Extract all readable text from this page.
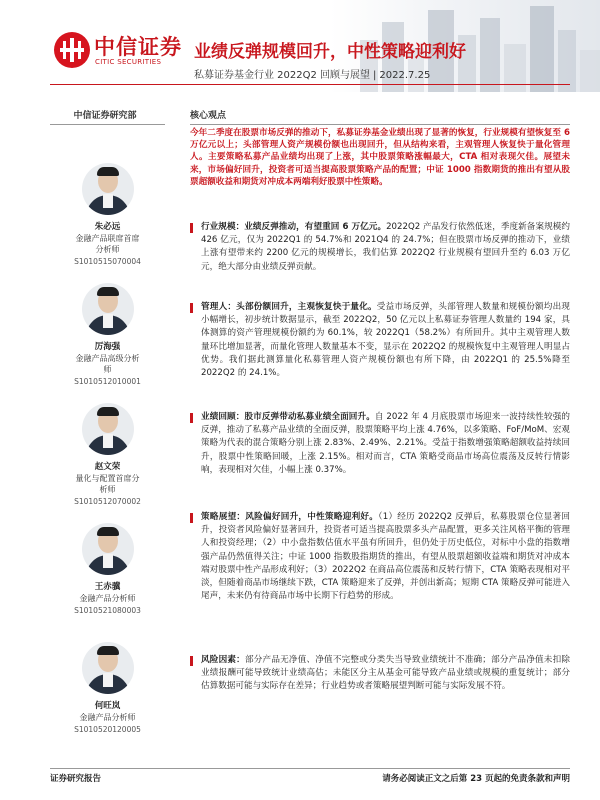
中信证券
CITIC SECURITIES 业绩反弹规模回升，中性策略迎利好
私募证券基金行业 2022Q2 回顾与展望 | 2022.7.25
中信证券研究部	核心观点
朱必远
金融产品联席首席
分析师
S1010515070004
厉海强
金融产品高级分析
师
S1010512010001
赵文荣
量化与配置首席分
析师
S1010512070002
王赤骥
金融产品分析师
S1010521080003
何旺岚
金融产品分析师
S1010520120005
今年二季度在股票市场反弹的推动下，私募证券基金业绩出现了显著的恢复，行业规模有望恢复至 6 万亿元以上；头部管理人资产规模份额也出现回升，但从结构来看，主观管理人恢复快于量化管理人。主要策略私募产品业绩均出现了上涨，其中股票策略涨幅最大，CTA 相对表现欠佳。展望未来，市场偏好回升，投资者可适当提高股票策略产品的配置；中证 1000 指数期货的推出有望从股票超额收益和期货对冲成本两端利好股票中性策略。
行业规模：业绩反弹推动，有望重回 6 万亿元。2022Q2 产品发行依然低迷，季度新备案规模约 426 亿元，仅为 2022Q1 的 54.7%和 2021Q4 的 24.7%；但在股票市场反弹的推动下，业绩上涨有望带来约 2200 亿元的规模增长，我们估算 2022Q2 行业规模有望回升至约 6.03 万亿元，绝大部分由业绩反弹贡献。
管理人：头部份额回升，主观恢复快于量化。受益市场反弹，头部管理人数量和规模份额均出现小幅增长，初步统计数据显示，截至 2022Q2，50 亿元以上私募证券管理人数量约 194 家，具体测算的资产管理规模份额约为 60.1%，较 2022Q1（58.2%）有所回升。其中主观管理人数量环比增加显著，而量化管理人数量基本不变，显示在 2022Q2 的规模恢复中主观管理人明显占优势。我们据此测算量化私募管理人资产规模份额也有所下降，由 2022Q1 的 25.5%降至 2022Q2 的 24.1%。
业绩回顾：股市反弹带动私募业绩全面回升。自 2022 年 4 月底股票市场迎来一波持续性较强的反弹，推动了私募产品业绩的全面反弹，股票策略平均上涨 4.76%，以多策略、FoF/MoM、宏观策略为代表的混合策略分别上涨 2.83%、2.49%、2.21%。受益于指数增强策略超额收益持续回升，股票中性策略回暖，上涨 2.15%。相对而言，CTA 策略受商品市场高位震荡及反转行情影响，表现相对欠佳，小幅上涨 0.37%。
策略展望：风险偏好回升，中性策略迎利好。（1）经历 2022Q2 反弹后，私募股票仓位显著回升，投资者风险偏好显著回升，投资者可适当提高股票多头产品配置，更多关注风格平衡的管理人和投资经理；（2）中小盘指数估值水平虽有所回升，但仍处于历史低位，对标中小盘的指数增强产品仍然值得关注；中证 1000 指数股指期货的推出，有望从股票超额收益端和期货对冲成本端对股票中性产品形成利好；（3）2022Q2 在商品高位震荡和反转行情下，CTA 策略表现相对平淡，但随着商品市场继续下跌，CTA 策略迎来了反弹，并创出新高；短期 CTA 策略反弹可能进入尾声，未来仍有待商品市场中长期下行趋势的形成。
风险因素：部分产品无净值、净值不完整或分类失当导致业绩统计不准确；部分产品净值未扣除业绩报酬可能导致统计业绩高估；未能区分主从基金可能导致产品业绩或规模的重复统计；部分估算数据可能与实际存在差异；行业趋势或者策略展望判断可能与实际发展不符。
证券研究报告	请务必阅读正文之后第 23 页起的免责条款和声明
